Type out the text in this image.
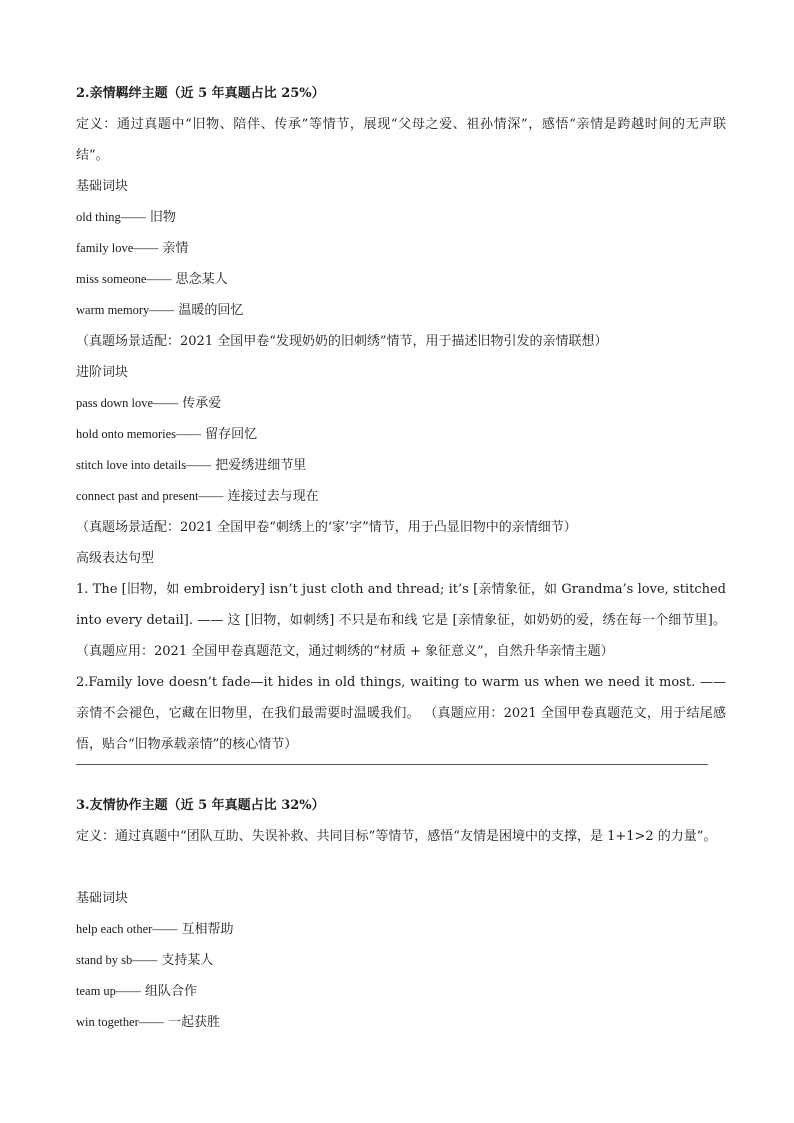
2.亲情羁绊主题（近 5 年真题占比 25%）
定义：通过真题中“旧物、陪伴、传承”等情节，展现“父母之爱、祖孙情深”，感悟“亲情是跨越时间的无声联结”。
基础词块
old thing—— 旧物
family love—— 亲情
miss someone—— 思念某人
warm memory—— 温暖的回忆
（真题场景适配：2021 全国甲卷“发现奶奶的旧刺绣”情节，用于描述旧物引发的亲情联想）
进阶词块
pass down love—— 传承爱
hold onto memories—— 留存回忆
stitch love into details—— 把爱绣进细节里
connect past and present—— 连接过去与现在
（真题场景适配：2021 全国甲卷“刺绣上的‘家’字”情节，用于凸显旧物中的亲情细节）
高级表达句型
1. The [旧物，如 embroidery] isn’t just cloth and thread; it’s [亲情象征，如 Grandma’s love, stitched into every detail]. —— 这 [旧物，如刺绣] 不只是布和线 它是 [亲情象征，如奶奶的爱，绣在每一个细节里]。（真题应用：2021 全国甲卷真题范文，通过刺绣的“材质 + 象征意义”，自然升华亲情主题）
2.Family love doesn’t fade—it hides in old things, waiting to warm us when we need it most. —— 亲情不会褪色，它藏在旧物里，在我们最需要时温暖我们。 （真题应用：2021 全国甲卷真题范文，用于结尾感悟，贴合“旧物承载亲情”的核心情节）
3.友情协作主题（近 5 年真题占比 32%）
定义：通过真题中“团队互助、失误补救、共同目标”等情节，感悟“友情是困境中的支撑，是 1+1>2 的力量”。
基础词块
help each other—— 互相帮助
stand by sb—— 支持某人
team up—— 组队合作
win together—— 一起获胜
